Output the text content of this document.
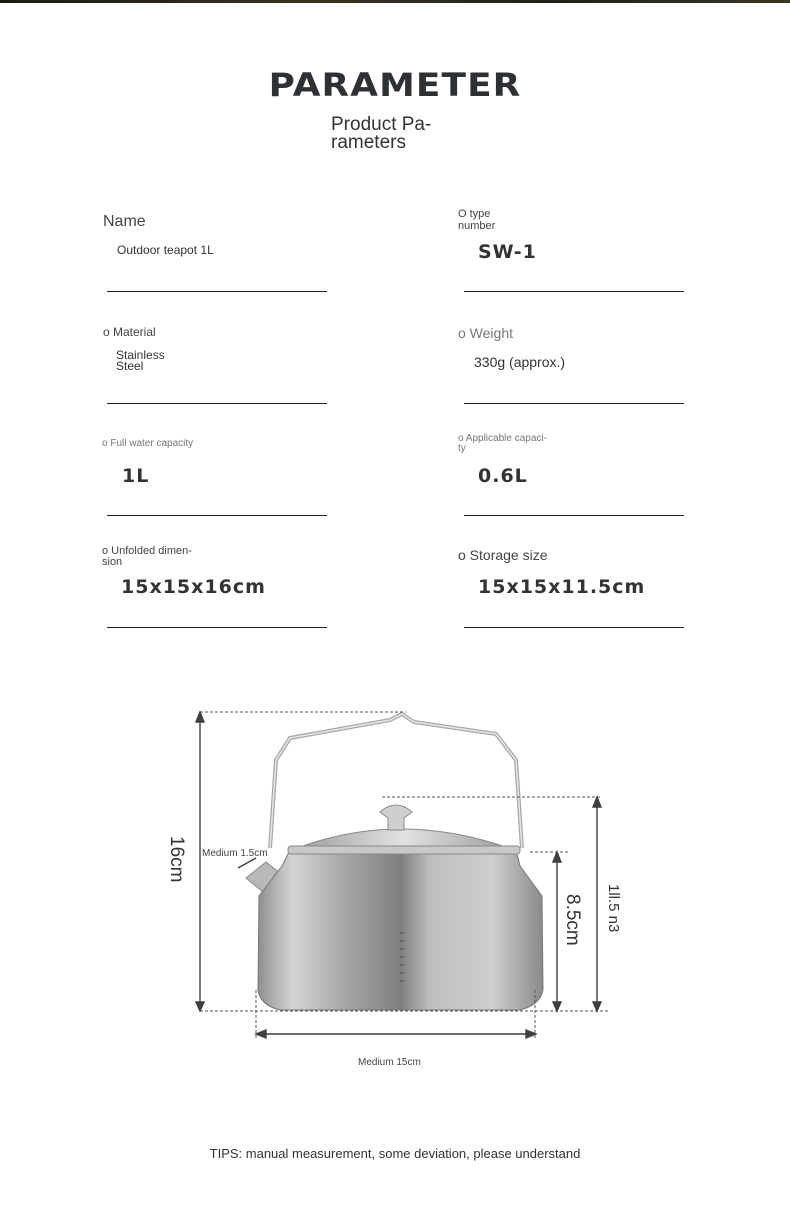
PARAMETER
Product Pa-
rameters
Name
Outdoor teapot 1L
O type
number
SW-1
o Material
Stainless
Steel
o Weight
330g (approx.)
o Full water capacity
1L
o Applicable capaci-
ty
0.6L
o Unfolded dimen-
sion
15x15x16cm
o Storage size
15x15x11.5cm
16cm Medium 1.5cm
8.5cm 1ll.5 n3
Medium 15cm
TIPS: manual measurement, some deviation, please understand
